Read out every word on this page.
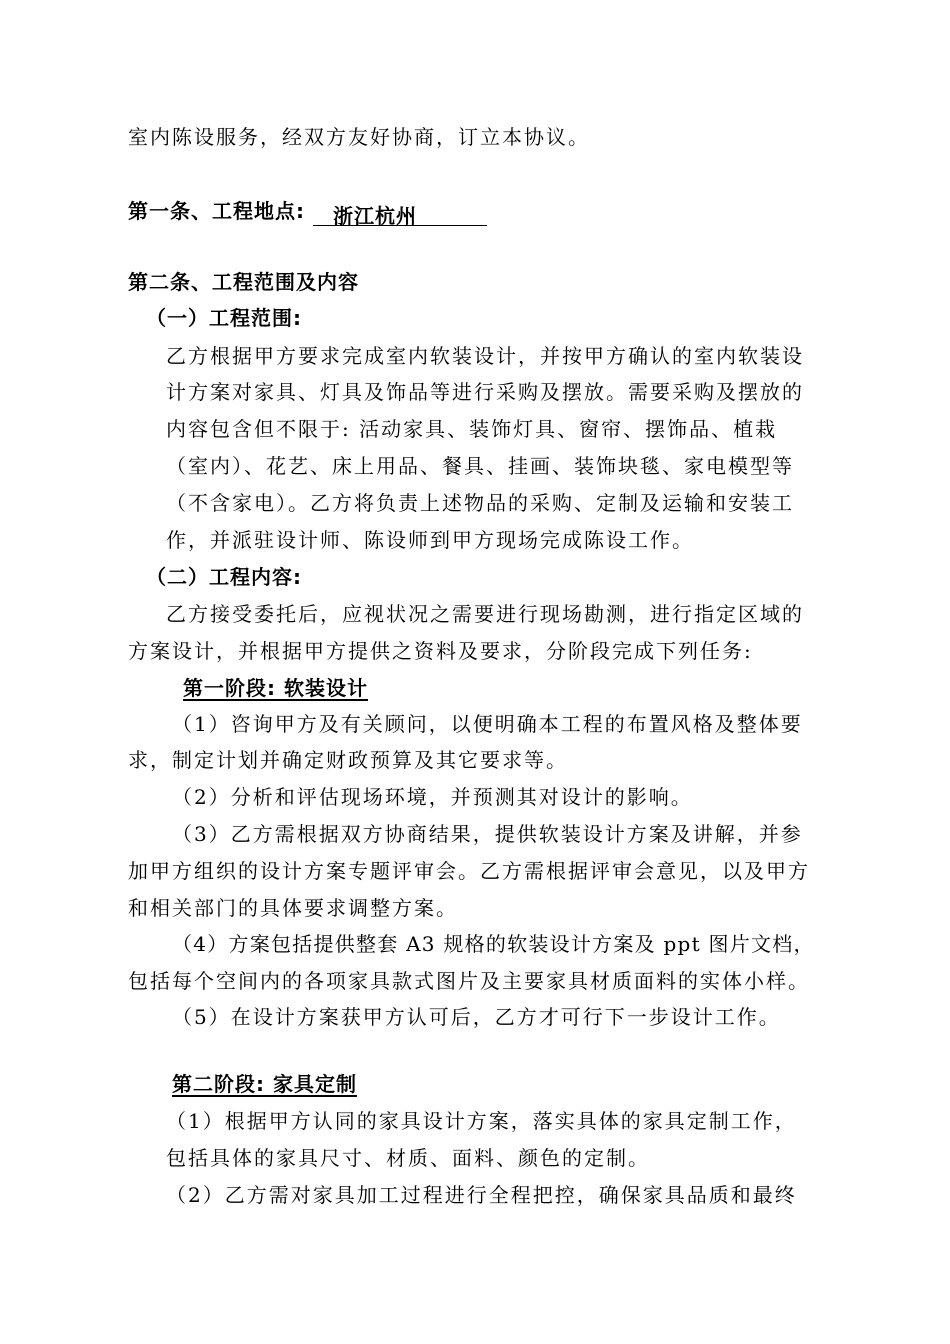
室内陈设服务，经双方友好协商，订立本协议。
第一条、工程地点: 浙江杭州
第二条、工程范围及内容
（一）工程范围:
乙方根据甲方要求完成室内软装设计，并按甲方确认的室内软装设
计方案对家具、灯具及饰品等进行采购及摆放。需要采购及摆放的
内容包含但不限于: 活动家具、装饰灯具、窗帘、摆饰品、植栽
（室内）、花艺、床上用品、餐具、挂画、装饰块毯、家电模型等
（不含家电）。乙方将负责上述物品的采购、定制及运输和安装工
作，并派驻设计师、陈设师到甲方现场完成陈设工作。
（二）工程内容:
乙方接受委托后，应视状况之需要进行现场勘测，进行指定区域的
方案设计，并根据甲方提供之资料及要求，分阶段完成下列任务:
第一阶段: 软装设计
（1）咨询甲方及有关顾问，以便明确本工程的布置风格及整体要
求，制定计划并确定财政预算及其它要求等。
（2）分析和评估现场环境，并预测其对设计的影响。
（3）乙方需根据双方协商结果，提供软装设计方案及讲解，并参
加甲方组织的设计方案专题评审会。乙方需根据评审会意见，以及甲方
和相关部门的具体要求调整方案。
（4）方案包括提供整套 A3 规格的软装设计方案及 ppt 图片文档，
包括每个空间内的各项家具款式图片及主要家具材质面料的实体小样。
（5）在设计方案获甲方认可后，乙方才可行下一步设计工作。
第二阶段: 家具定制
（1）根据甲方认同的家具设计方案，落实具体的家具定制工作，
包括具体的家具尺寸、材质、面料、颜色的定制。
（2）乙方需对家具加工过程进行全程把控，确保家具品质和最终
